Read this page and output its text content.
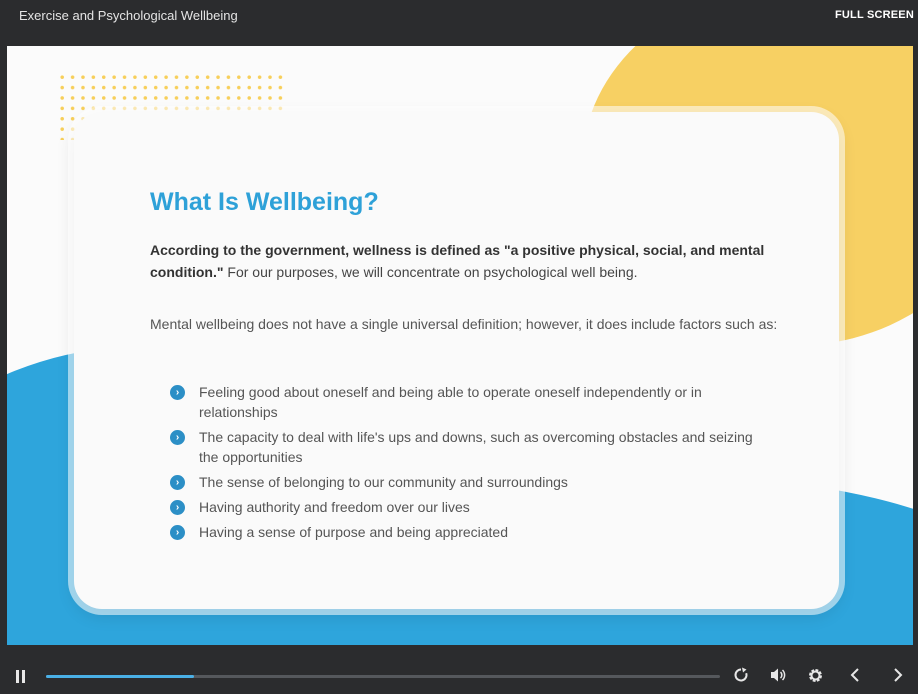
Exercise and Psychological Wellbeing	FULL SCREEN
What Is Wellbeing?

According to the government, wellness is defined as "a positive physical, social, and mental condition." For our purposes, we will concentrate on psychological well being.

Mental wellbeing does not have a single universal definition; however, it does include factors such as:

›	Feeling good about oneself and being able to operate oneself independently or in relationships
›	The capacity to deal with life's ups and downs, such as overcoming obstacles and seizing the opportunities
›	The sense of belonging to our community and surroundings
›	Having authority and freedom over our lives
›	Having a sense of purpose and being appreciated
